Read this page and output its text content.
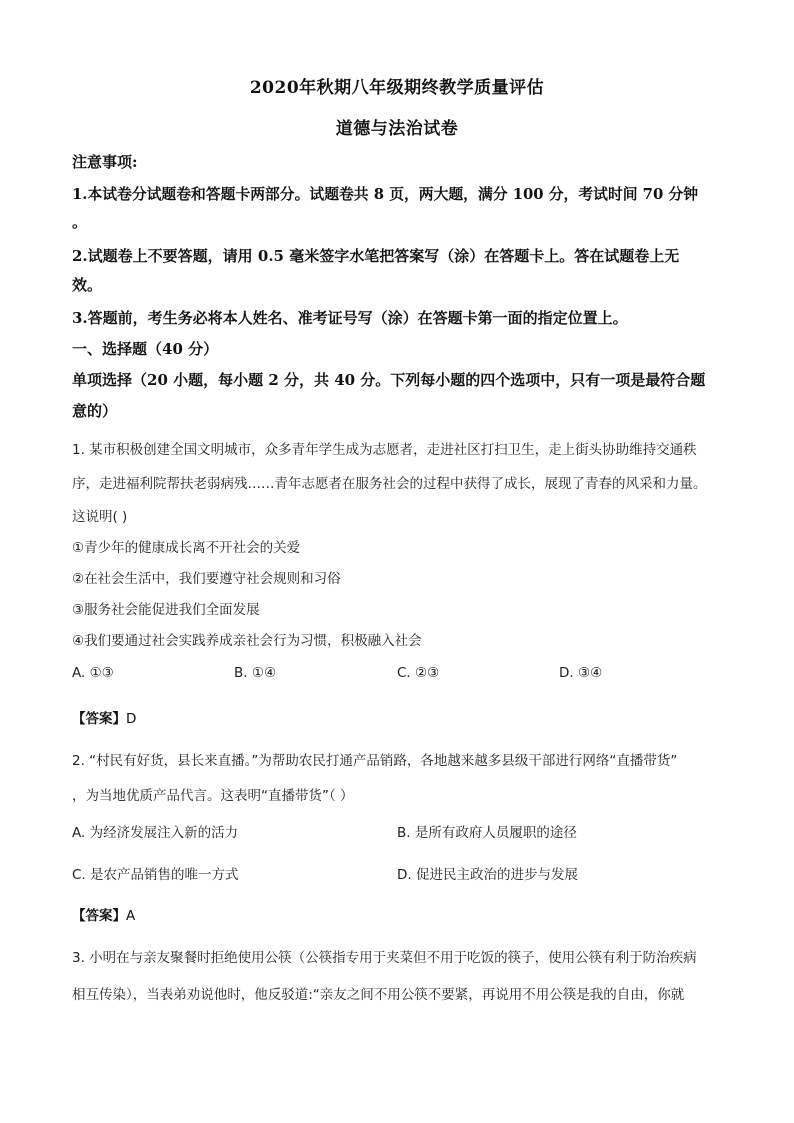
2020年秋期八年级期终教学质量评估
道德与法治试卷
注意事项:
1.本试卷分试题卷和答题卡两部分。试题卷共 8 页，两大题，满分 100 分，考试时间 70 分钟
。
2.试题卷上不要答题，请用 0.5 毫米签字水笔把答案写（涂）在答题卡上。答在试题卷上无
效。
3.答题前，考生务必将本人姓名、准考证号写（涂）在答题卡第一面的指定位置上。
一、选择题（40 分）
单项选择（20 小题，每小题 2 分，共 40 分。下列每小题的四个选项中，只有一项是最符合题
意的）
1. 某市积极创建全国文明城市，众多青年学生成为志愿者，走进社区打扫卫生，走上街头协助维持交通秩
序，走进福利院帮扶老弱病残……青年志愿者在服务社会的过程中获得了成长，展现了青春的风采和力量。
这说明( )
①青少年的健康成长离不开社会的关爱
②在社会生活中，我们要遵守社会规则和习俗
③服务社会能促进我们全面发展
④我们要通过社会实践养成亲社会行为习惯，积极融入社会
A. ①③	B. ①④	C. ②③	D. ③④
【答案】D
2. “村民有好货，县长来直播。”为帮助农民打通产品销路，各地越来越多县级干部进行网络“直播带货”
，为当地优质产品代言。这表明“直播带货”（ ）
A. 为经济发展注入新的活力	B. 是所有政府人员履职的途径
C. 是农产品销售的唯一方式	D. 促进民主政治的进步与发展
【答案】A
3. 小明在与亲友聚餐时拒绝使用公筷（公筷指专用于夹菜但不用于吃饭的筷子，使用公筷有利于防治疾病
相互传染），当表弟劝说他时，他反驳道:“亲友之间不用公筷不要紧，再说用不用公筷是我的自由，你就
